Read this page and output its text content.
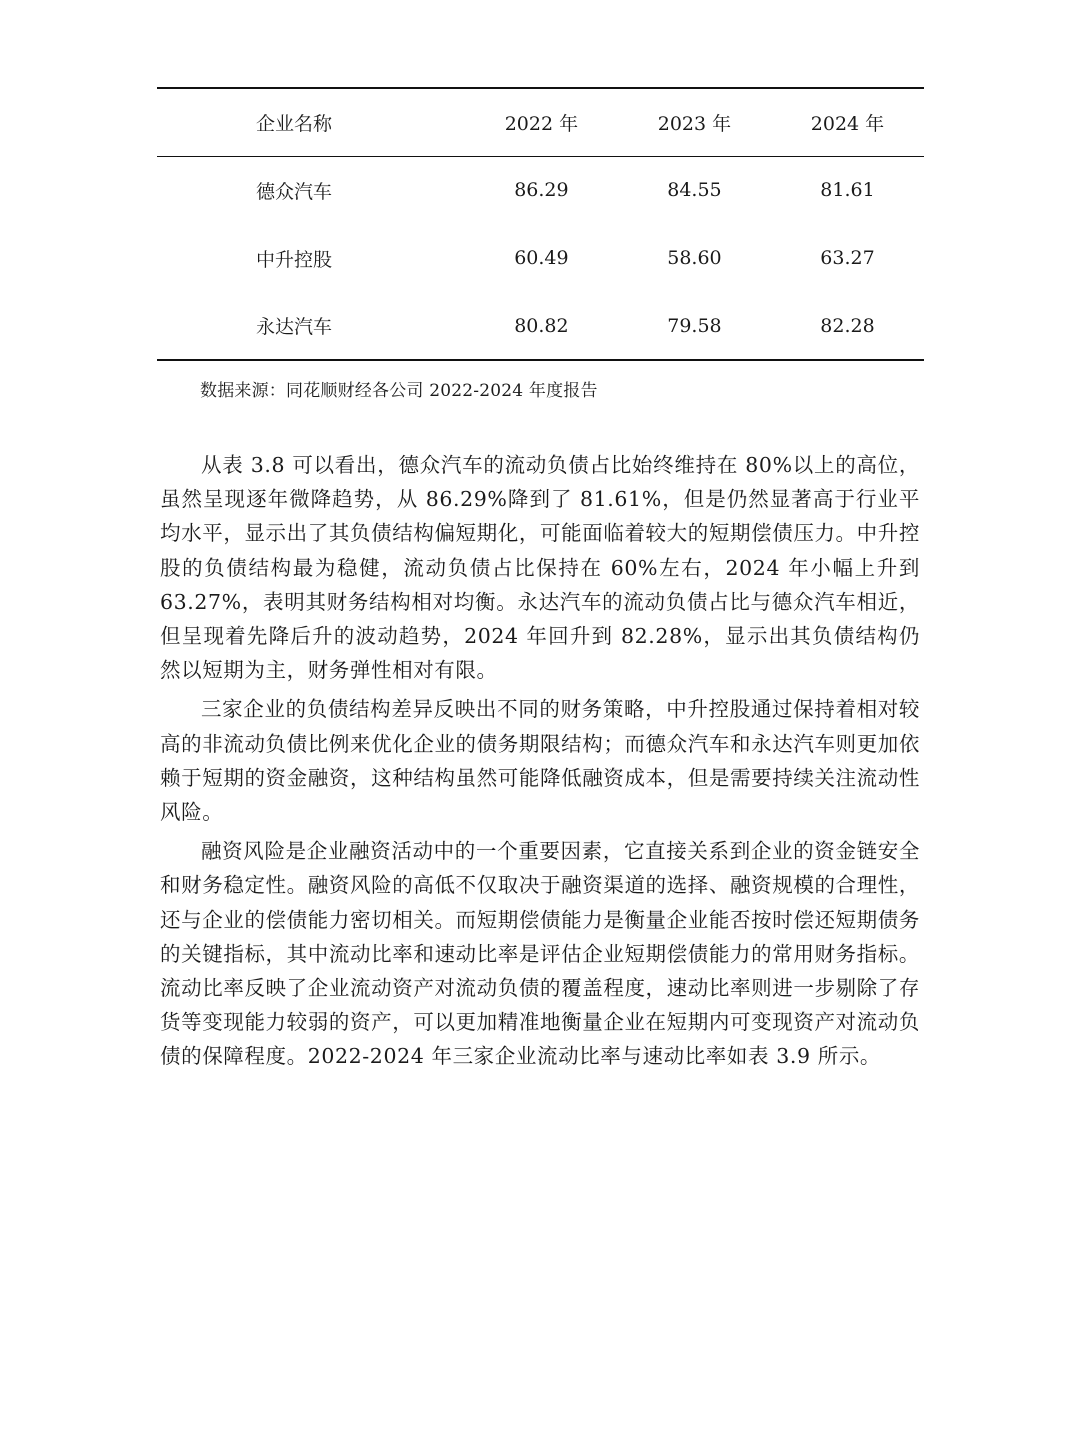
企业名称	2022 年	2023 年	2024 年
德众汽车	86.29	84.55	81.61
中升控股	60.49	58.60	63.27
永达汽车	80.82	79.58	82.28
数据来源：同花顺财经各公司 2022-2024 年度报告

从表 3.8 可以看出，德众汽车的流动负债占比始终维持在 80%以上的高位，虽然呈现逐年微降趋势，从 86.29%降到了 81.61%，但是仍然显著高于行业平均水平，显示出了其负债结构偏短期化，可能面临着较大的短期偿债压力。中升控股的负债结构最为稳健，流动负债占比保持在 60%左右，2024 年小幅上升到 63.27%，表明其财务结构相对均衡。永达汽车的流动负债占比与德众汽车相近，但呈现着先降后升的波动趋势，2024 年回升到 82.28%，显示出其负债结构仍然以短期为主，财务弹性相对有限。

三家企业的负债结构差异反映出不同的财务策略，中升控股通过保持着相对较高的非流动负债比例来优化企业的债务期限结构；而德众汽车和永达汽车则更加依赖于短期的资金融资，这种结构虽然可能降低融资成本，但是需要持续关注流动性风险。

融资风险是企业融资活动中的一个重要因素，它直接关系到企业的资金链安全和财务稳定性。融资风险的高低不仅取决于融资渠道的选择、融资规模的合理性，还与企业的偿债能力密切相关。而短期偿债能力是衡量企业能否按时偿还短期债务的关键指标，其中流动比率和速动比率是评估企业短期偿债能力的常用财务指标。流动比率反映了企业流动资产对流动负债的覆盖程度，速动比率则进一步剔除了存货等变现能力较弱的资产，可以更加精准地衡量企业在短期内可变现资产对流动负债的保障程度。2022-2024 年三家企业流动比率与速动比率如表 3.9 所示。
